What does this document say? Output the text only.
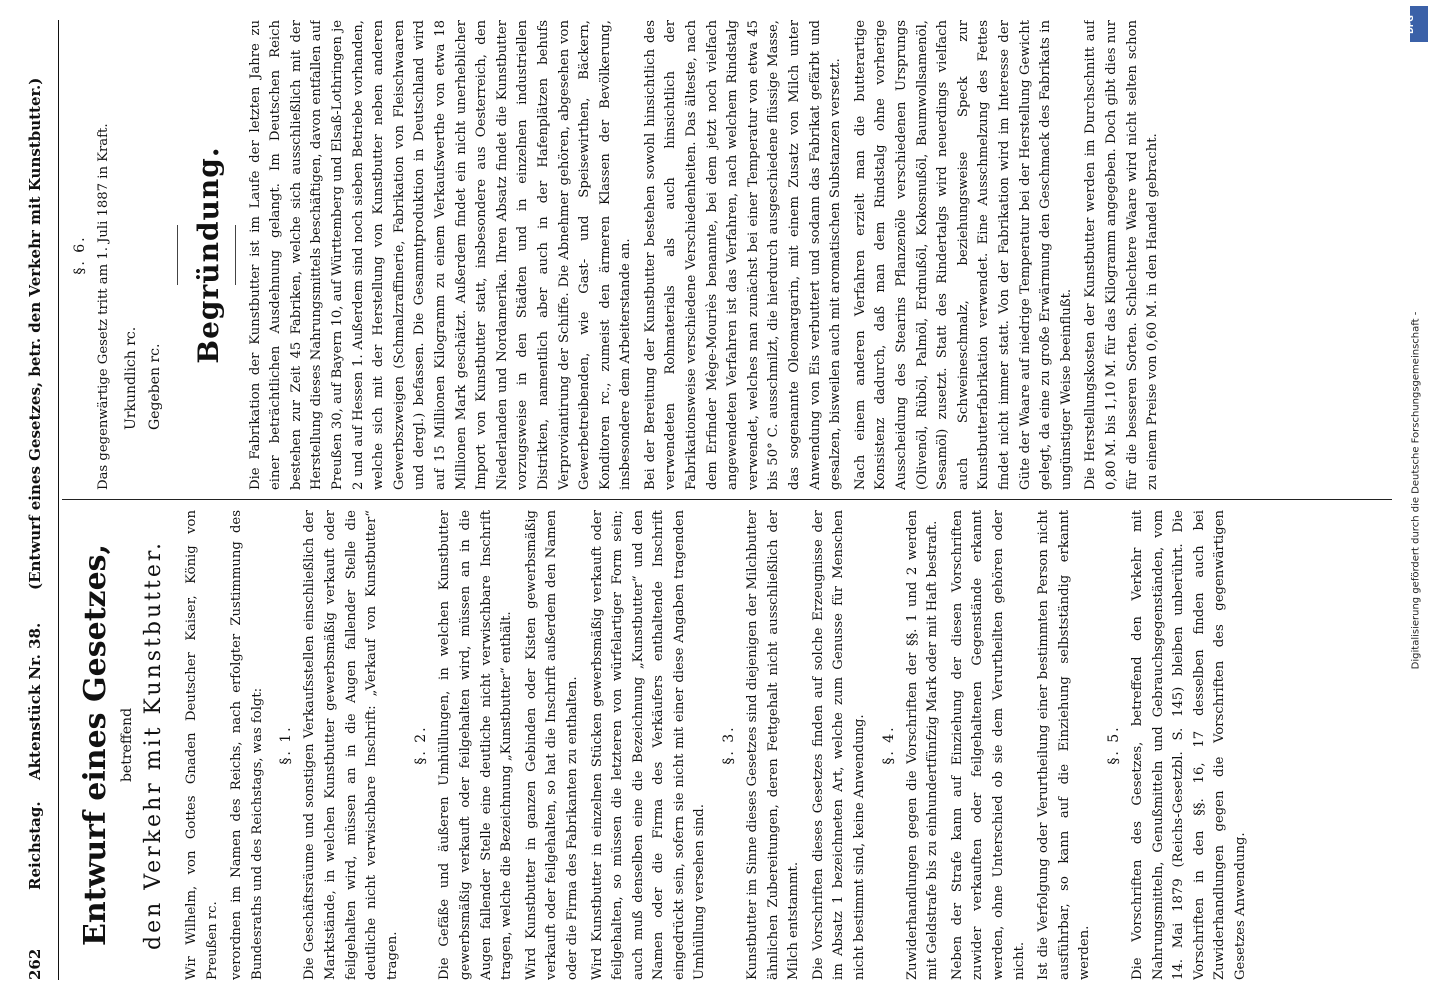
262
Reichstag.
Aktenstück Nr. 38.
(Entwurf eines Gesetzes, betr. den Verkehr mit Kunstbutter.)
Entwurf eines Gesetzes, betreffend den Verkehr mit Kunstbutter. Wir Wilhelm, von Gottes Gnaden Deutscher Kaiser, König von Preußen rc. verordnen im Namen des Reichs, nach erfolgter Zustimmung des Bundesraths und des Reichstags, was folgt: §. 1. Die Geschäftsräume und sonstigen Verkaufsstellen einschließlich der Marktstände, in welchen Kunstbutter gewerbsmäßig verkauft oder feilgehalten wird, müssen an in die Augen fallender Stelle die deutliche nicht verwischbare Inschrift: „Verkauf von Kunstbutter“ tragen.

§. 2. Die Gefäße und äußeren Umhüllungen, in welchen Kunstbutter gewerbsmäßig verkauft oder feilgehalten wird, müssen an in die Augen fallender Stelle eine deutliche nicht verwischbare Inschrift tragen, welche die Bezeichnung „Kunstbutter“ enthält. Wird Kunstbutter in ganzen Gebinden oder Kisten gewerbsmäßig verkauft oder feilgehalten, so hat die Inschrift außerdem den Namen oder die Firma des Fabrikanten zu enthalten. Wird Kunstbutter in einzelnen Stücken gewerbsmäßig verkauft oder feilgehalten, so müssen die letzteren von würfelartiger Form sein; auch muß denselben eine die Bezeichnung „Kunstbutter“ und den Namen oder die Firma des Verkäufers enthaltende Inschrift eingedrückt sein, sofern sie nicht mit einer diese Angaben tragenden Umhüllung versehen sind.

§. 3. Kunstbutter im Sinne dieses Gesetzes sind diejenigen der Milchbutter ähnlichen Zubereitungen, deren Fettgehalt nicht ausschließlich der Milch entstammt. Die Vorschriften dieses Gesetzes finden auf solche Erzeugnisse der im Absatz 1 bezeichneten Art, welche zum Genusse für Menschen nicht bestimmt sind, keine Anwendung. §. 4. Zuwiderhandlungen gegen die Vorschriften der §§. 1 und 2 werden mit Geldstrafe bis zu einhundertfünfzig Mark oder mit Haft bestraft. Neben der Strafe kann auf Einziehung der diesen Vorschriften zuwider verkauften oder feilgehaltenen Gegenstände erkannt werden, ohne Unterschied ob sie dem Verurtheilten gehören oder nicht. Ist die Verfolgung oder Verurtheilung einer bestimmten Person nicht ausführbar, so kann auf die Einziehung selbstständig erkannt werden.

§. 5. Die Vorschriften des Gesetzes, betreffend den Verkehr mit Nahrungsmitteln, Genußmitteln und Gebrauchsgegenständen, vom 14. Mai 1879 (Reichs-Gesetzbl. S. 145) bleiben unberührt. Die Vorschriften in den §§. 16, 17 desselben finden auch bei Zuwiderhandlungen gegen die Vorschriften des gegenwärtigen Gesetzes Anwendung.

§. 6. Das gegenwärtige Gesetz tritt am 1. Juli 1887 in Kraft. Urkundlich rc. Gegeben rc.
Begründung. Die Fabrikation der Kunstbutter ist im Laufe der letzten Jahre zu einer beträchtlichen Ausdehnung gelangt. Im Deutschen Reich bestehen zur Zeit 45 Fabriken, welche sich ausschließlich mit der Herstellung dieses Nahrungsmittels beschäftigen, davon entfallen auf Preußen 30, auf Bayern 10, auf Württemberg und Elsaß-Lothringen je 2 und auf Hessen 1. Außerdem sind noch sieben Betriebe vorhanden, welche sich mit der Herstellung von Kunstbutter neben anderen Gewerbszweigen (Schmalzraffinerie, Fabrikation von Fleischwaaren und dergl.) befassen. Die Gesammtproduktion in Deutschland wird auf 15 Millionen Kilogramm zu einem Verkaufswerthe von etwa 18 Millionen Mark geschätzt. Außerdem findet ein nicht unerheblicher Import von Kunstbutter statt, insbesondere aus Oesterreich, den Niederlanden und Nordamerika. Ihren Absatz findet die Kunstbutter vorzugsweise in den Städten und in einzelnen industriellen Distrikten, namentlich aber auch in der Hafenplätzen behufs Verproviantirung der Schiffe. Die Abnehmer gehören, abgesehen von Gewerbetreibenden, wie Gast- und Speisewirthen, Bäckern, Konditoren rc., zumeist den ärmeren Klassen der Bevölkerung, insbesondere dem Arbeiterstande an. Bei der Bereitung der Kunstbutter bestehen sowohl hinsichtlich des verwendeten Rohmaterials als auch hinsichtlich der Fabrikationsweise verschiedene Verschiedenheiten. Das älteste, nach dem Erfinder Mège-Mouriès benannte, bei dem jetzt noch vielfach angewendeten Verfahren ist das Verfahren, nach welchem Rindstalg verwendet, welches man zunächst bei einer Temperatur von etwa 45 bis 50° C. ausschmilzt, die hierdurch ausgeschiedene flüssige Masse, das sogenannte Oleomargarin, mit einem Zusatz von Milch unter Anwendung von Eis verbuttert und sodann das Fabrikat gefärbt und gesalzen, bisweilen auch mit aromatischen Substanzen versetzt. Nach einem anderen Verfahren erzielt man die butterartige Konsistenz dadurch, daß man dem Rindstalg ohne vorherige Ausscheidung des Stearins Pflanzenöle verschiedenen Ursprungs (Olivenöl, Rüböl, Palmöl, Erdnußöl, Kokosnußöl, Baumwollsamenöl, Sesamöl) zusetzt. Statt des Rindertalgs wird neuerdings vielfach auch Schweineschmalz, beziehungsweise Speck zur Kunstbutterfabrikation verwendet. Eine Ausschmelzung des Fettes findet nicht immer statt. Von der Fabrikation wird im Interesse der Güte der Waare auf niedrige Temperatur bei der Herstellung Gewicht gelegt, da eine zu große Erwärmung den Geschmack des Fabrikats in ungünstiger Weise beeinflußt. Die Herstellungskosten der Kunstbutter werden im Durchschnitt auf 0,80 M. bis 1,10 M. für das Kilogramm angegeben. Doch gibt dies nur für die besseren Sorten. Schlechtere Waare wird nicht selten schon zu einem Preise von 0,60 M. in den Handel gebracht.

Digitalisierung gefördert durch die Deutsche Forschungsgemeinschaft -
DFG
